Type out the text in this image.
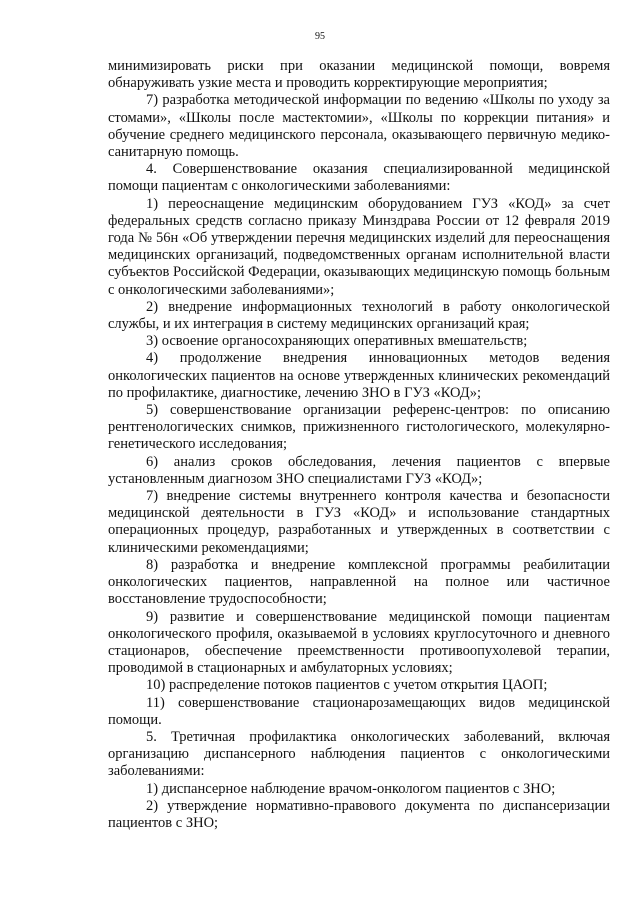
95

минимизировать риски при оказании медицинской помощи, вовремя обнаруживать узкие места и проводить корректирующие мероприятия;

7) разработка методической информации по ведению «Школы по уходу за стомами», «Школы после мастектомии», «Школы по коррекции питания» и обучение среднего медицинского персонала, оказывающего первичную медико-санитарную помощь.

4. Совершенствование оказания специализированной медицинской помощи пациентам с онкологическими заболеваниями:

1) переоснащение медицинским оборудованием ГУЗ «КОД» за счет федеральных средств согласно приказу Минздрава России от 12 февраля 2019 года № 56н «Об утверждении перечня медицинских изделий для переоснащения медицинских организаций, подведомственных органам исполнительной власти субъектов Российской Федерации, оказывающих медицинскую помощь больным с онкологическими заболеваниями»;

2) внедрение информационных технологий в работу онкологической службы, и их интеграция в систему медицинских организаций края;

3) освоение органосохраняющих оперативных вмешательств;

4) продолжение внедрения инновационных методов ведения онкологических пациентов на основе утвержденных клинических рекомендаций по профилактике, диагностике, лечению ЗНО в ГУЗ «КОД»;

5) совершенствование организации референс-центров: по описанию рентгенологических снимков, прижизненного гистологического, молекулярно-генетического исследования;

6) анализ сроков обследования, лечения пациентов с впервые установленным диагнозом ЗНО специалистами ГУЗ «КОД»;

7) внедрение системы внутреннего контроля качества и безопасности медицинской деятельности в ГУЗ «КОД» и использование стандартных операционных процедур, разработанных и утвержденных в соответствии с клиническими рекомендациями;

8) разработка и внедрение комплексной программы реабилитации онкологических пациентов, направленной на полное или частичное восстановление трудоспособности;

9) развитие и совершенствование медицинской помощи пациентам онкологического профиля, оказываемой в условиях круглосуточного и дневного стационаров, обеспечение преемственности противоопухолевой терапии, проводимой в стационарных и амбулаторных условиях;

10) распределение потоков пациентов с учетом открытия ЦАОП;

11) совершенствование стационарозамещающих видов медицинской помощи.

5. Третичная профилактика онкологических заболеваний, включая организацию диспансерного наблюдения пациентов с онкологическими заболеваниями:

1) диспансерное наблюдение врачом-онкологом пациентов с ЗНО;

2) утверждение нормативно-правового документа по диспансеризации пациентов с ЗНО;
